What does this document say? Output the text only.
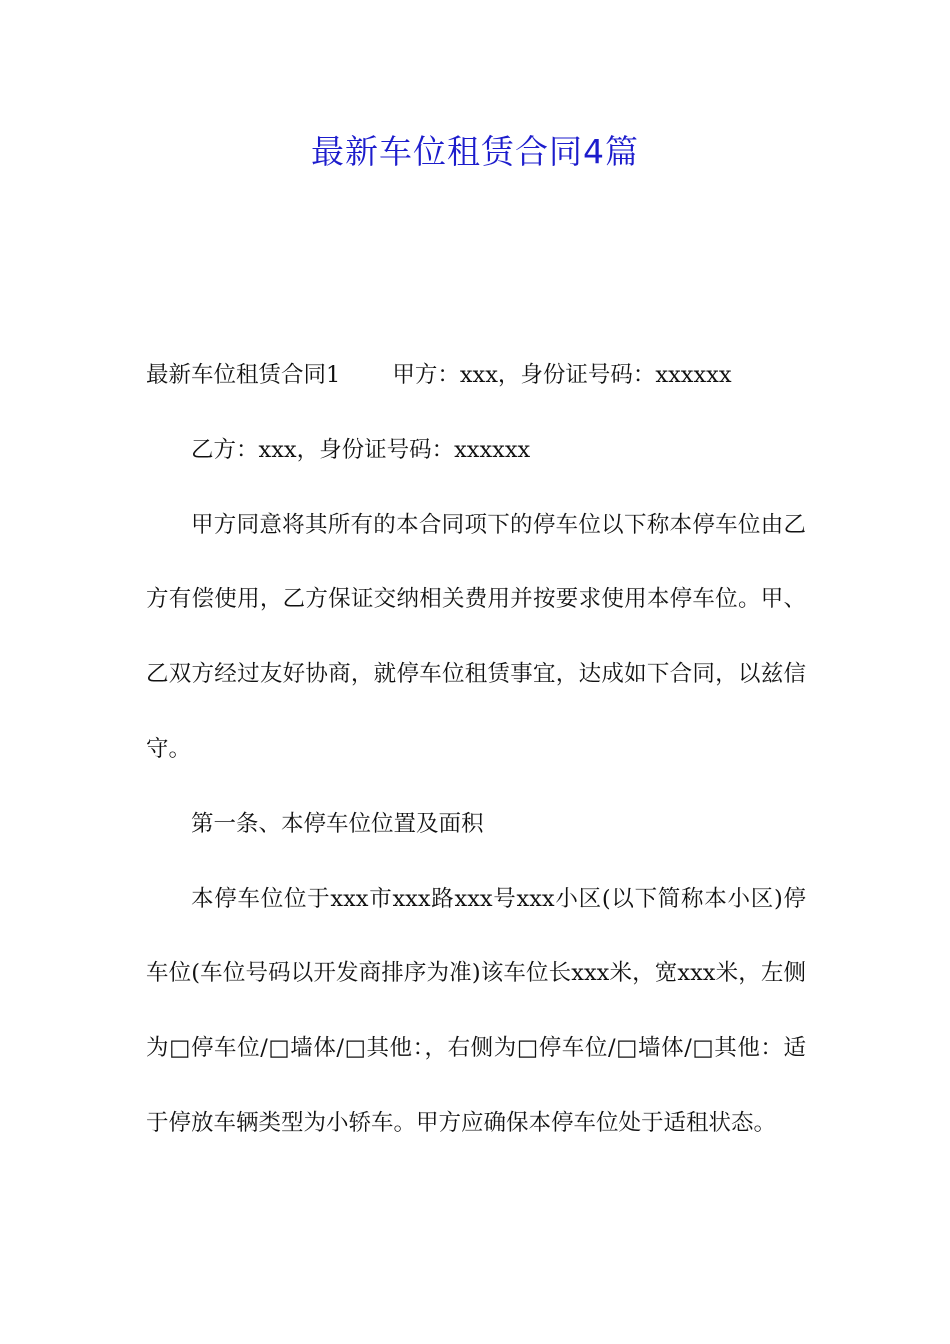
最新车位租赁合同4篇

最新车位租赁合同1 甲方：xxx，身份证号码：xxxxxx

乙方：xxx，身份证号码：xxxxxx

甲方同意将其所有的本合同项下的停车位以下称本停车位由乙方有偿使用，乙方保证交纳相关费用并按要求使用本停车位。甲、乙双方经过友好协商，就停车位租赁事宜，达成如下合同，以兹信守。

第一条、本停车位位置及面积

本停车位位于xxx市xxx路xxx号xxx小区(以下简称本小区)停车位(车位号码以开发商排序为准)该车位长xxx米，宽xxx米，左侧为□停车位/□墙体/□其他：，右侧为□停车位/□墙体/□其他：适于停放车辆类型为小轿车。甲方应确保本停车位处于适租状态。
